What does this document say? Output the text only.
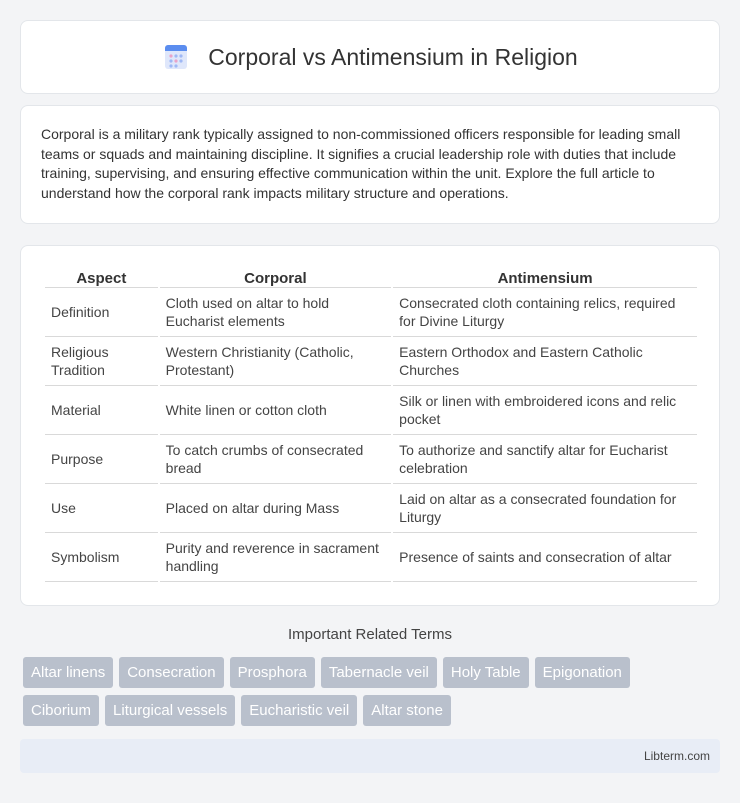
Corporal vs Antimensium in Religion

Corporal is a military rank typically assigned to non-commissioned officers responsible for leading small teams or squads and maintaining discipline. It signifies a crucial leadership role with duties that include training, supervising, and ensuring effective communication within the unit. Explore the full article to understand how the corporal rank impacts military structure and operations.

Aspect	Corporal	Antimensium
Definition	Cloth used on altar to hold Eucharist elements	Consecrated cloth containing relics, required for Divine Liturgy
Religious Tradition	Western Christianity (Catholic, Protestant)	Eastern Orthodox and Eastern Catholic Churches
Material	White linen or cotton cloth	Silk or linen with embroidered icons and relic pocket
Purpose	To catch crumbs of consecrated bread	To authorize and sanctify altar for Eucharist celebration
Use	Placed on altar during Mass	Laid on altar as a consecrated foundation for Liturgy
Symbolism	Purity and reverence in sacrament handling	Presence of saints and consecration of altar
Important Related Terms
Altar linens	Consecration	Prosphora	Tabernacle veil	Holy Table	Epigonation
Ciborium	Liturgical vessels	Eucharistic veil	Altar stone
Libterm.com
